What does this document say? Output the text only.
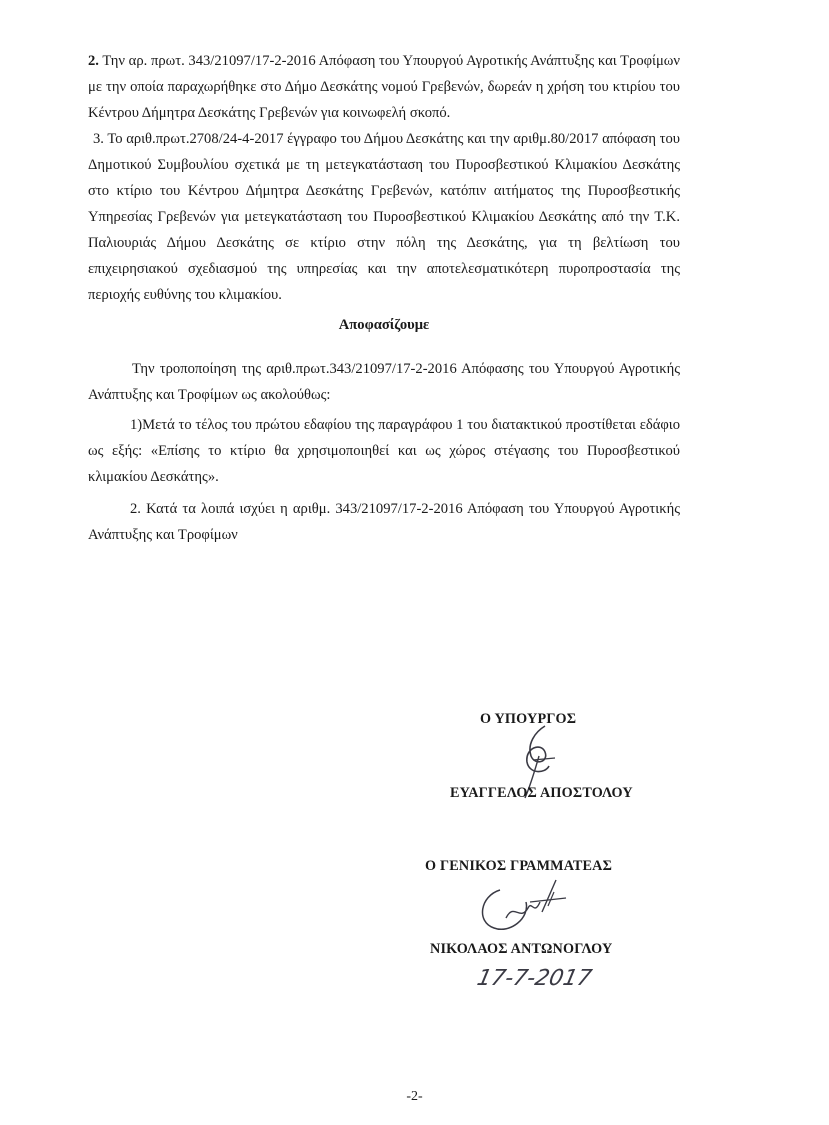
2. Την αρ. πρωτ. 343/21097/17-2-2016 Απόφαση του Υπουργού Αγροτικής Ανάπτυξης και Τροφίμων με την οποία παραχωρήθηκε στο Δήμο Δεσκάτης νομού Γρεβενών, δωρεάν η χρήση του κτιρίου του Κέντρου Δήμητρα Δεσκάτης Γρεβενών για κοινωφελή σκοπό.

3. Το αριθ.πρωτ.2708/24-4-2017 έγγραφο του Δήμου Δεσκάτης και την αριθμ.80/2017 απόφαση του Δημοτικού Συμβουλίου σχετικά με τη μετεγκατάσταση του Πυροσβεστικού Κλιμακίου Δεσκάτης στο κτίριο του Κέντρου Δήμητρα Δεσκάτης Γρεβενών, κατόπιν αιτήματος της Πυροσβεστικής Υπηρεσίας Γρεβενών για μετεγκατάσταση του Πυροσβεστικού Κλιμακίου Δεσκάτης από την Τ.Κ. Παλιουριάς Δήμου Δεσκάτης σε κτίριο στην πόλη της Δεσκάτης, για τη βελτίωση του επιχειρησιακού σχεδιασμού της υπηρεσίας και την αποτελεσματικότερη πυροπροστασία της περιοχής ευθύνης του κλιμακίου.

Αποφασίζουμε

Την τροποποίηση της αριθ.πρωτ.343/21097/17-2-2016 Απόφασης του Υπουργού Αγροτικής Ανάπτυξης και Τροφίμων ως ακολούθως:

1)Μετά το τέλος του πρώτου εδαφίου της παραγράφου 1 του διατακτικού προστίθεται εδάφιο ως εξής: «Επίσης το κτίριο θα χρησιμοποιηθεί και ως χώρος στέγασης του Πυροσβεστικού κλιμακίου Δεσκάτης».

2. Κατά τα λοιπά ισχύει η αριθμ. 343/21097/17-2-2016 Απόφαση του Υπουργού Αγροτικής Ανάπτυξης και Τροφίμων

Ο ΥΠΟΥΡΓΟΣ
ΕΥΑΓΓΕΛΟΣ ΑΠΟΣΤΟΛΟΥ
Ο ΓΕΝΙΚΟΣ ΓΡΑΜΜΑΤΕΑΣ
ΝΙΚΟΛΑΟΣ ΑΝΤΩΝΟΓΛΟΥ
17-7-2017
-2-
